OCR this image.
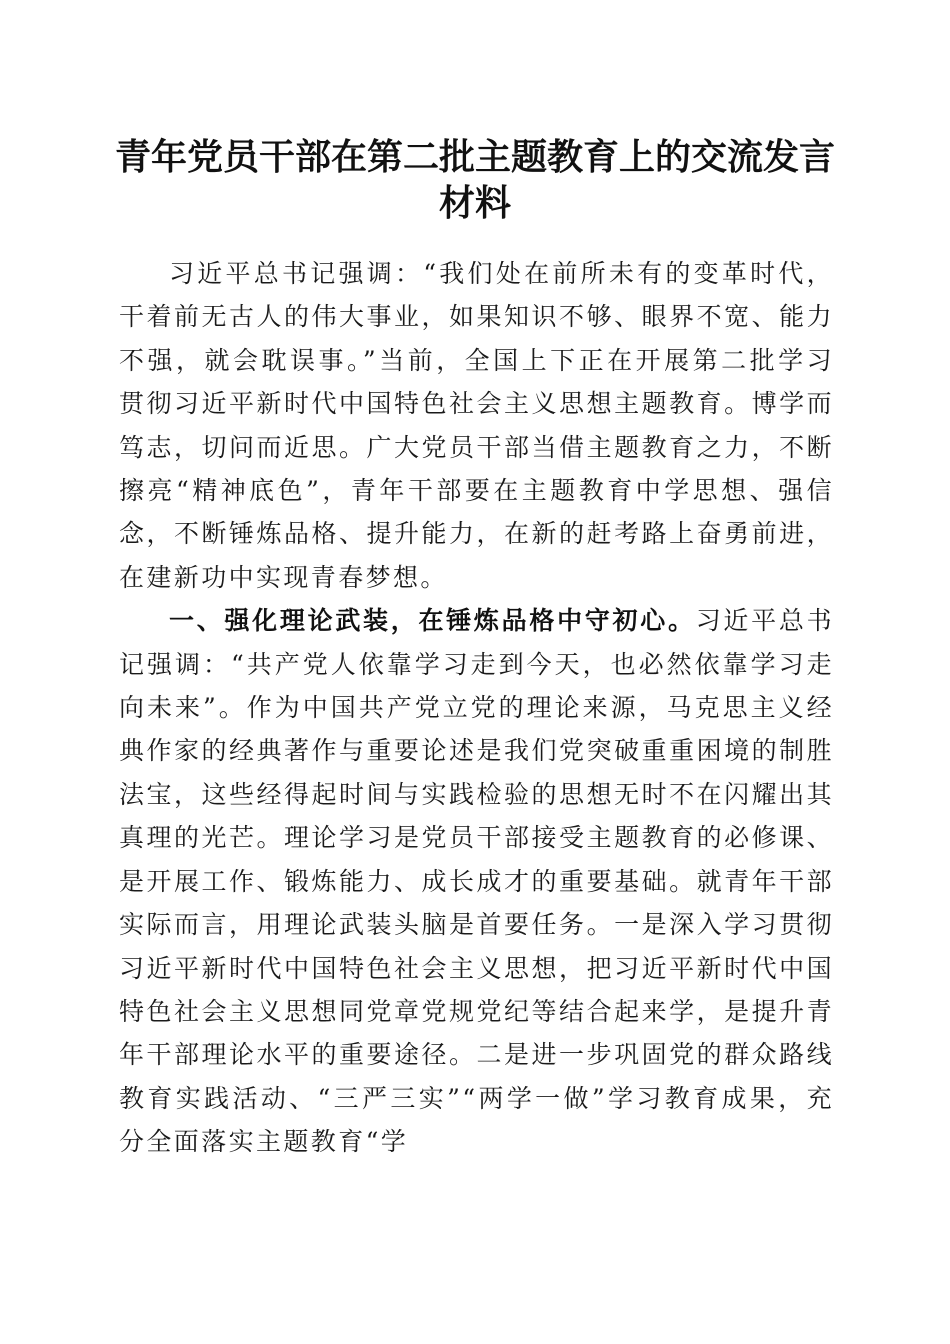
青年党员干部在第二批主题教育上的交流发言
材料

习近平总书记强调：“我们处在前所未有的变革时代，干着前无古人的伟大事业，如果知识不够、眼界不宽、能力不强，就会耽误事。”当前，全国上下正在开展第二批学习贯彻习近平新时代中国特色社会主义思想主题教育。博学而笃志，切问而近思。广大党员干部当借主题教育之力，不断擦亮“精神底色”，青年干部要在主题教育中学思想、强信念，不断锤炼品格、提升能力，在新的赶考路上奋勇前进，在建新功中实现青春梦想。

一、强化理论武装，在锤炼品格中守初心。习近平总书记强调：“共产党人依靠学习走到今天，也必然依靠学习走向未来”。作为中国共产党立党的理论来源，马克思主义经典作家的经典著作与重要论述是我们党突破重重困境的制胜法宝，这些经得起时间与实践检验的思想无时不在闪耀出其真理的光芒。理论学习是党员干部接受主题教育的必修课、是开展工作、锻炼能力、成长成才的重要基础。就青年干部实际而言，用理论武装头脑是首要任务。一是深入学习贯彻习近平新时代中国特色社会主义思想，把习近平新时代中国特色社会主义思想同党章党规党纪等结合起来学，是提升青年干部理论水平的重要途径。二是进一步巩固党的群众路线教育实践活动、“三严三实”“两学一做”学习教育成果，充分全面落实主题教育“学
